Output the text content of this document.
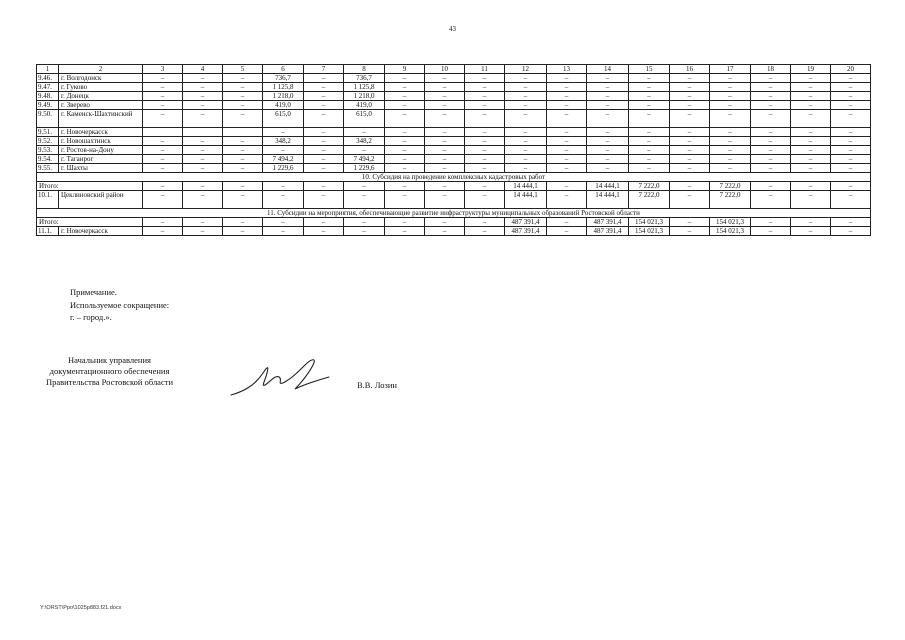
43
1	2	3	4	5	6	7	8	9	10	11	12	13	14	15	16	17	18	19	20
9.46.	г. Волгодонск	–	–	–	736,7	–	736,7	–	–	–	–	–	–	–	–	–	–	–	–
9.47.	г. Гуково	–	–	–	1 125,8	–	1 125,8	–	–	–	–	–	–	–	–	–	–	–	–
9.48.	г. Донецк	–	–	–	1 218,0	–	1 218,0	–	–	–	–	–	–	–	–	–	–	–	–
9.49.	г. Зверево	–	–	–	419,0	–	419,0	–	–	–	–	–	–	–	–	–	–	–	–
9.50.	г. Каменск-Шахтинский	–	–	–	615,0	–	615,0	–	–	–	–	–	–	–	–	–	–	–	–
9.51.	г. Новочеркасск				–	–	–	–	–	–	–	–	–	–	–	–	–	–	–
9.52.	г. Новошахтинск	–	–	–	348,2	–	348,2	–	–	–	–	–	–	–	–	–	–	–	–
9.53.	г. Ростов-на-Дону	–	–	–	–	–	–	–	–	–	–	–	–	–	–	–	–	–	–
9.54.	г. Таганрог	–	–	–	7 494,2	–	7 494,2	–	–	–	–	–	–	–	–	–	–	–	–
9.55.	г. Шахты	–	–	–	1 229,6	–	1 229,6	–	–	–	–	–	–	–	–	–	–	–	–
10. Субсидия на проведение комплексных кадастровых работ																			
Итого:		–	–	–	–	–	–	–	–	–	14 444,1	–	14 444,1	7 222,0	–	7 222,0	–	–	–
10.1.	Цеклиновский район	–	–	–	–	–	–	–	–	–	14 444,1	–	14 444,1	7 222,0	–	7 222,0	–	–	–
11. Субсидии на мероприятия, обеспечивающие развитие инфраструктуры муниципальных образований Ростовской области																			
Итого:		–	–	–	–	–	–	–	–	–	487 391,4	–	487 391,4	154 021,3	–	154 021,3	–	–	–
11.1.	г. Новочеркасск	–	–	–	–	–	–	–	–	–	487 391,4	–	487 391,4	154 021,3	–	154 021,3	–	–	–
Примечание.
Используемое сокращение:
г. – город.».
Начальник управления
документационного обеспечения
Правительства Ростовской области	В.В. Лозин
Y:\ORST\Ppo\1025p883.f21.docx
